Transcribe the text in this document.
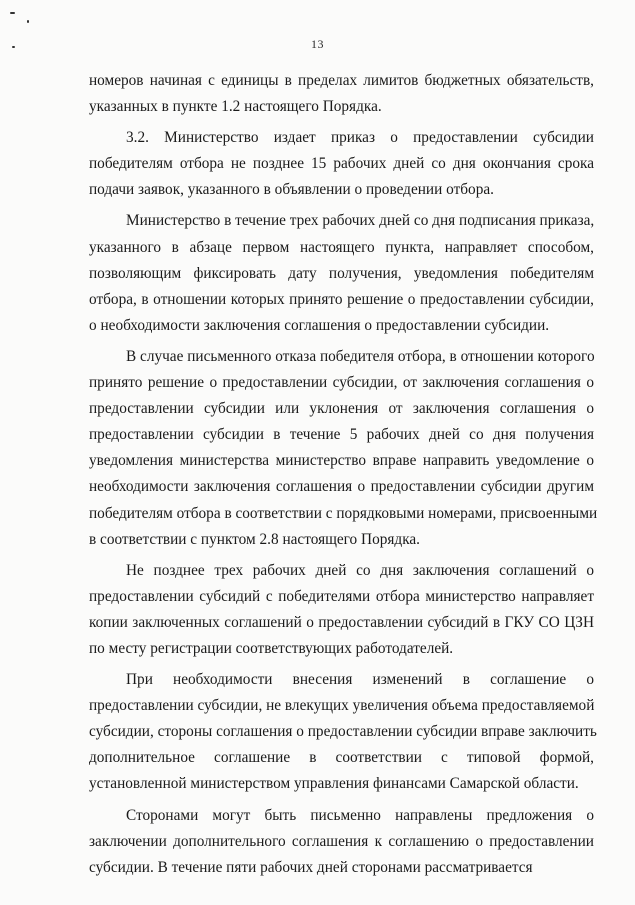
13
номеров начиная с единицы в пределах лимитов бюджетных обязательств,
указанных в пункте 1.2 настоящего Порядка.
3.2. Министерство издает приказ о предоставлении субсидии
победителям отбора не позднее 15 рабочих дней со дня окончания срока
подачи заявок, указанного в объявлении о проведении отбора.
Министерство в течение трех рабочих дней со дня подписания приказа,
указанного в абзаце первом настоящего пункта, направляет способом,
позволяющим фиксировать дату получения, уведомления победителям
отбора, в отношении которых принято решение о предоставлении субсидии,
о необходимости заключения соглашения о предоставлении субсидии.
В случае письменного отказа победителя отбора, в отношении которого
принято решение о предоставлении субсидии, от заключения соглашения о
предоставлении субсидии или уклонения от заключения соглашения о
предоставлении субсидии в течение 5 рабочих дней со дня получения
уведомления министерства министерство вправе направить уведомление о
необходимости заключения соглашения о предоставлении субсидии другим
победителям отбора в соответствии с порядковыми номерами, присвоенными
в соответствии с пунктом 2.8 настоящего Порядка.
Не позднее трех рабочих дней со дня заключения соглашений о
предоставлении субсидий с победителями отбора министерство направляет
копии заключенных соглашений о предоставлении субсидий в ГКУ СО ЦЗН
по месту регистрации соответствующих работодателей.
При необходимости внесения изменений в соглашение о
предоставлении субсидии, не влекущих увеличения объема предоставляемой
субсидии, стороны соглашения о предоставлении субсидии вправе заключить
дополнительное соглашение в соответствии с типовой формой,
установленной министерством управления финансами Самарской области.
Сторонами могут быть письменно направлены предложения о
заключении дополнительного соглашения к соглашению о предоставлении
субсидии. В течение пяти рабочих дней сторонами рассматривается
